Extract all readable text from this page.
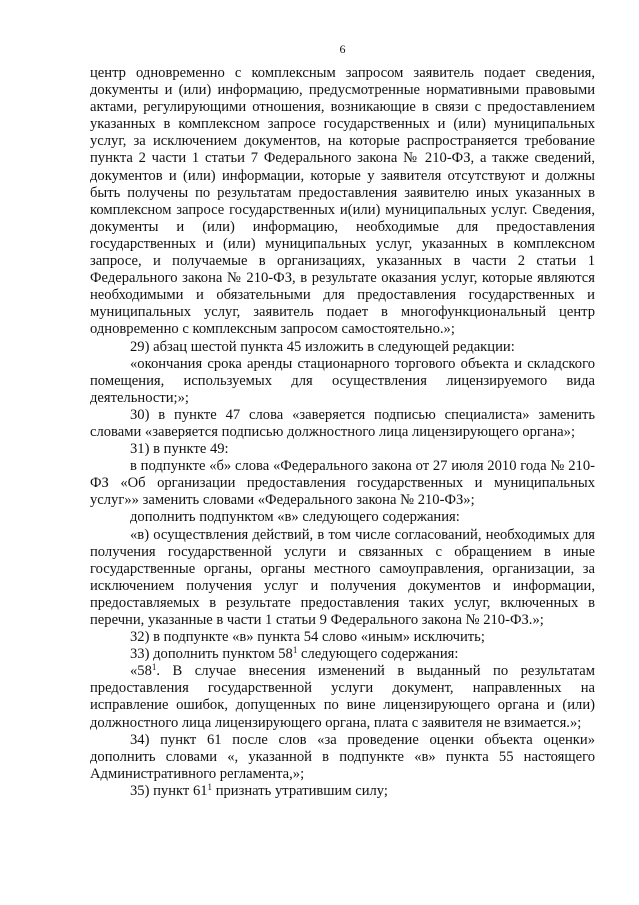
6

центр одновременно с комплексным запросом заявитель подает сведения, документы и (или) информацию, предусмотренные нормативными правовыми актами, регулирующими отношения, возникающие в связи с предоставлением указанных в комплексном запросе государственных и (или) муниципальных услуг, за исключением документов, на которые распространяется требование пункта 2 части 1 статьи 7 Федерального закона № 210-ФЗ, а также сведений, документов и (или) информации, которые у заявителя отсутствуют и должны быть получены по результатам предоставления заявителю иных указанных в комплексном запросе государственных и(или) муниципальных услуг. Сведения, документы и (или) информацию, необходимые для предоставления государственных и (или) муниципальных услуг, указанных в комплексном запросе, и получаемые в организациях, указанных в части 2 статьи 1 Федерального закона № 210-ФЗ, в результате оказания услуг, которые являются необходимыми и обязательными для предоставления государственных и муниципальных услуг, заявитель подает в многофункциональный центр одновременно с комплексным запросом самостоятельно.»;

29) абзац шестой пункта 45 изложить в следующей редакции:

«окончания срока аренды стационарного торгового объекта и складского помещения, используемых для осуществления лицензируемого вида деятельности;»;

30) в пункте 47 слова «заверяется подписью специалиста» заменить словами «заверяется подписью должностного лица лицензирующего органа»;

31) в пункте 49:

в подпункте «б» слова «Федерального закона от 27 июля 2010 года № 210-ФЗ «Об организации предоставления государственных и муниципальных услуг»» заменить словами «Федерального закона № 210-ФЗ»;

дополнить подпунктом «в» следующего содержания:

«в) осуществления действий, в том числе согласований, необходимых для получения государственной услуги и связанных с обращением в иные государственные органы, органы местного самоуправления, организации, за исключением получения услуг и получения документов и информации, предоставляемых в результате предоставления таких услуг, включенных в перечни, указанные в части 1 статьи 9 Федерального закона № 210-ФЗ.»;

32) в подпункте «в» пункта 54 слово «иным» исключить;

33) дополнить пунктом $58^1$ следующего содержания:

«$58^1$. В случае внесения изменений в выданный по результатам предоставления государственной услуги документ, направленных на исправление ошибок, допущенных по вине лицензирующего органа и (или) должностного лица лицензирующего органа, плата с заявителя не взимается.»;

34) пункт 61 после слов «за проведение оценки объекта оценки» дополнить словами «, указанной в подпункте «в» пункта 55 настоящего Административного регламента,»;

35) пункт $61^1$ признать утратившим силу;
